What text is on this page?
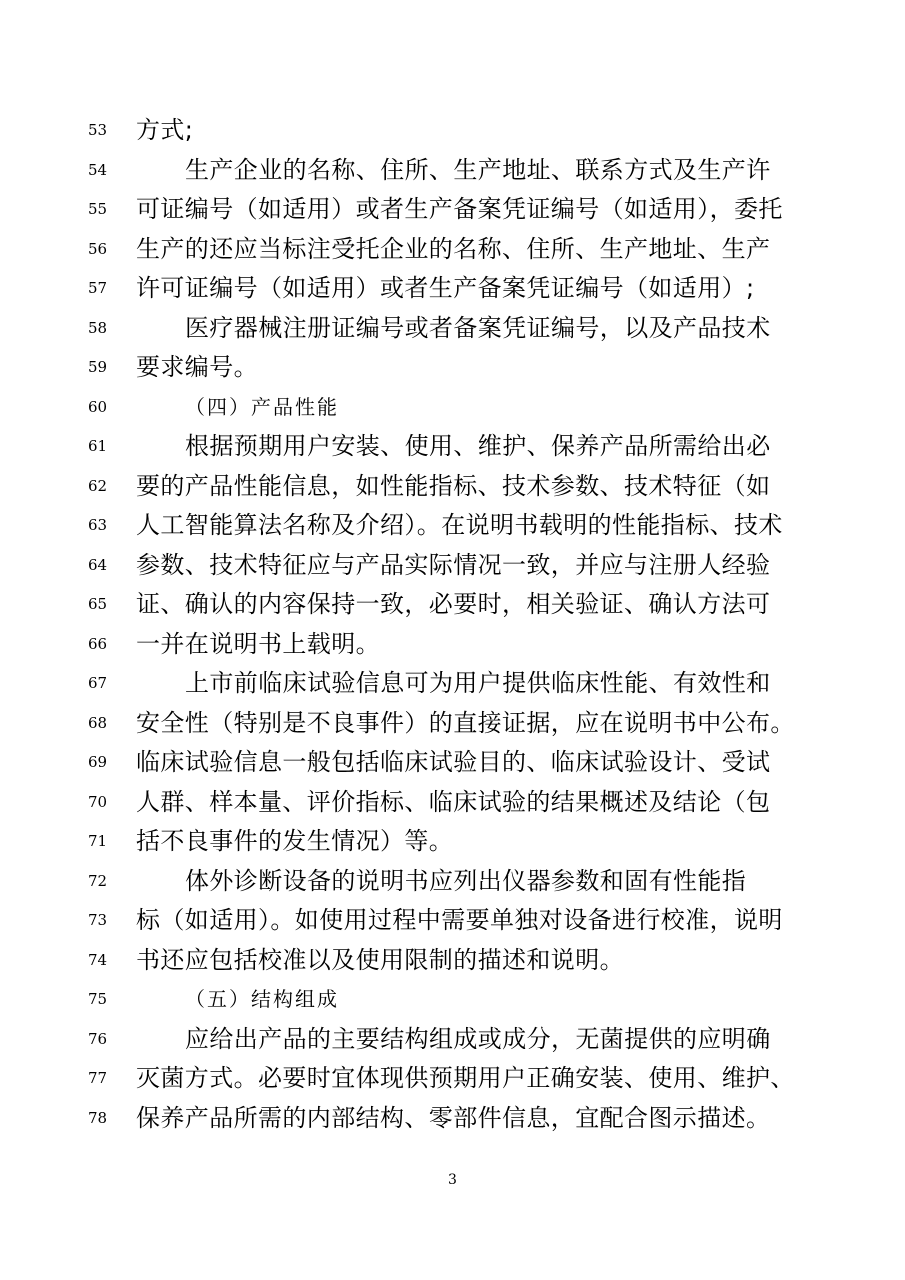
53	方式;
54	生产企业的名称、住所、生产地址、联系方式及生产许
55	可证编号（如适用）或者生产备案凭证编号（如适用），委托
56	生产的还应当标注受托企业的名称、住所、生产地址、生产
57	许可证编号（如适用）或者生产备案凭证编号（如适用）;
58	医疗器械注册证编号或者备案凭证编号，以及产品技术
59	要求编号。
60	（四）产品性能
61	根据预期用户安装、使用、维护、保养产品所需给出必
62	要的产品性能信息，如性能指标、技术参数、技术特征（如
63	人工智能算法名称及介绍）。在说明书载明的性能指标、技术
64	参数、技术特征应与产品实际情况一致，并应与注册人经验
65	证、确认的内容保持一致，必要时，相关验证、确认方法可
66	一并在说明书上载明。
67	上市前临床试验信息可为用户提供临床性能、有效性和
68	安全性（特别是不良事件）的直接证据，应在说明书中公布。
69	临床试验信息一般包括临床试验目的、临床试验设计、受试
70	人群、样本量、评价指标、临床试验的结果概述及结论（包
71	括不良事件的发生情况）等。
72	体外诊断设备的说明书应列出仪器参数和固有性能指
73	标（如适用）。如使用过程中需要单独对设备进行校准，说明
74	书还应包括校准以及使用限制的描述和说明。
75	（五）结构组成
76	应给出产品的主要结构组成或成分，无菌提供的应明确
77	灭菌方式。必要时宜体现供预期用户正确安装、使用、维护、
78	保养产品所需的内部结构、零部件信息，宜配合图示描述。
3
